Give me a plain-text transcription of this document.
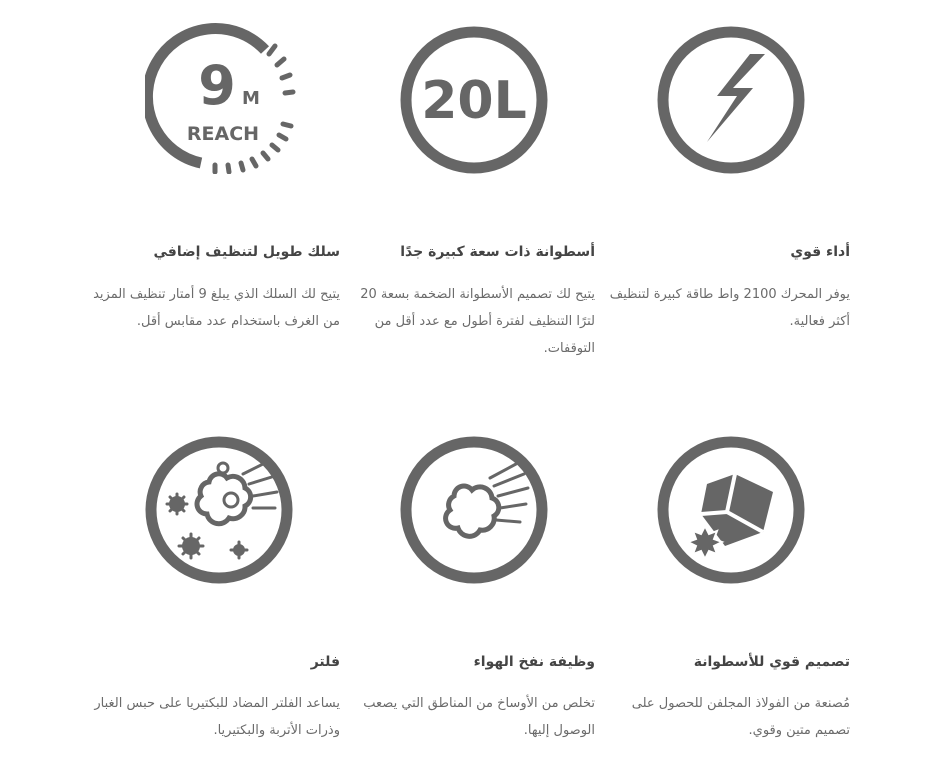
أداء قوي
يوفر المحرك 2100 واط طاقة كبيرة لتنظيف أكثر فعالية.
20L
أسطوانة ذات سعة كبيرة جدًا
يتيح لك تصميم الأسطوانة الضخمة بسعة 20 لترًا التنظيف لفترة أطول مع عدد أقل من التوقفات.
9 M
REACH
سلك طويل لتنظيف إضافي
يتيح لك السلك الذي يبلغ 9 أمتار تنظيف المزيد من الغرف باستخدام عدد مقابس أقل.
تصميم قوي للأسطوانة
مُصنعة من الفولاذ المجلفن للحصول على تصميم متين وقوي.
وظيفة نفخ الهواء
تخلص من الأوساخ من المناطق التي يصعب الوصول إليها.
فلتر
يساعد الفلتر المضاد للبكتيريا على حبس الغبار وذرات الأتربة والبكتيريا.
